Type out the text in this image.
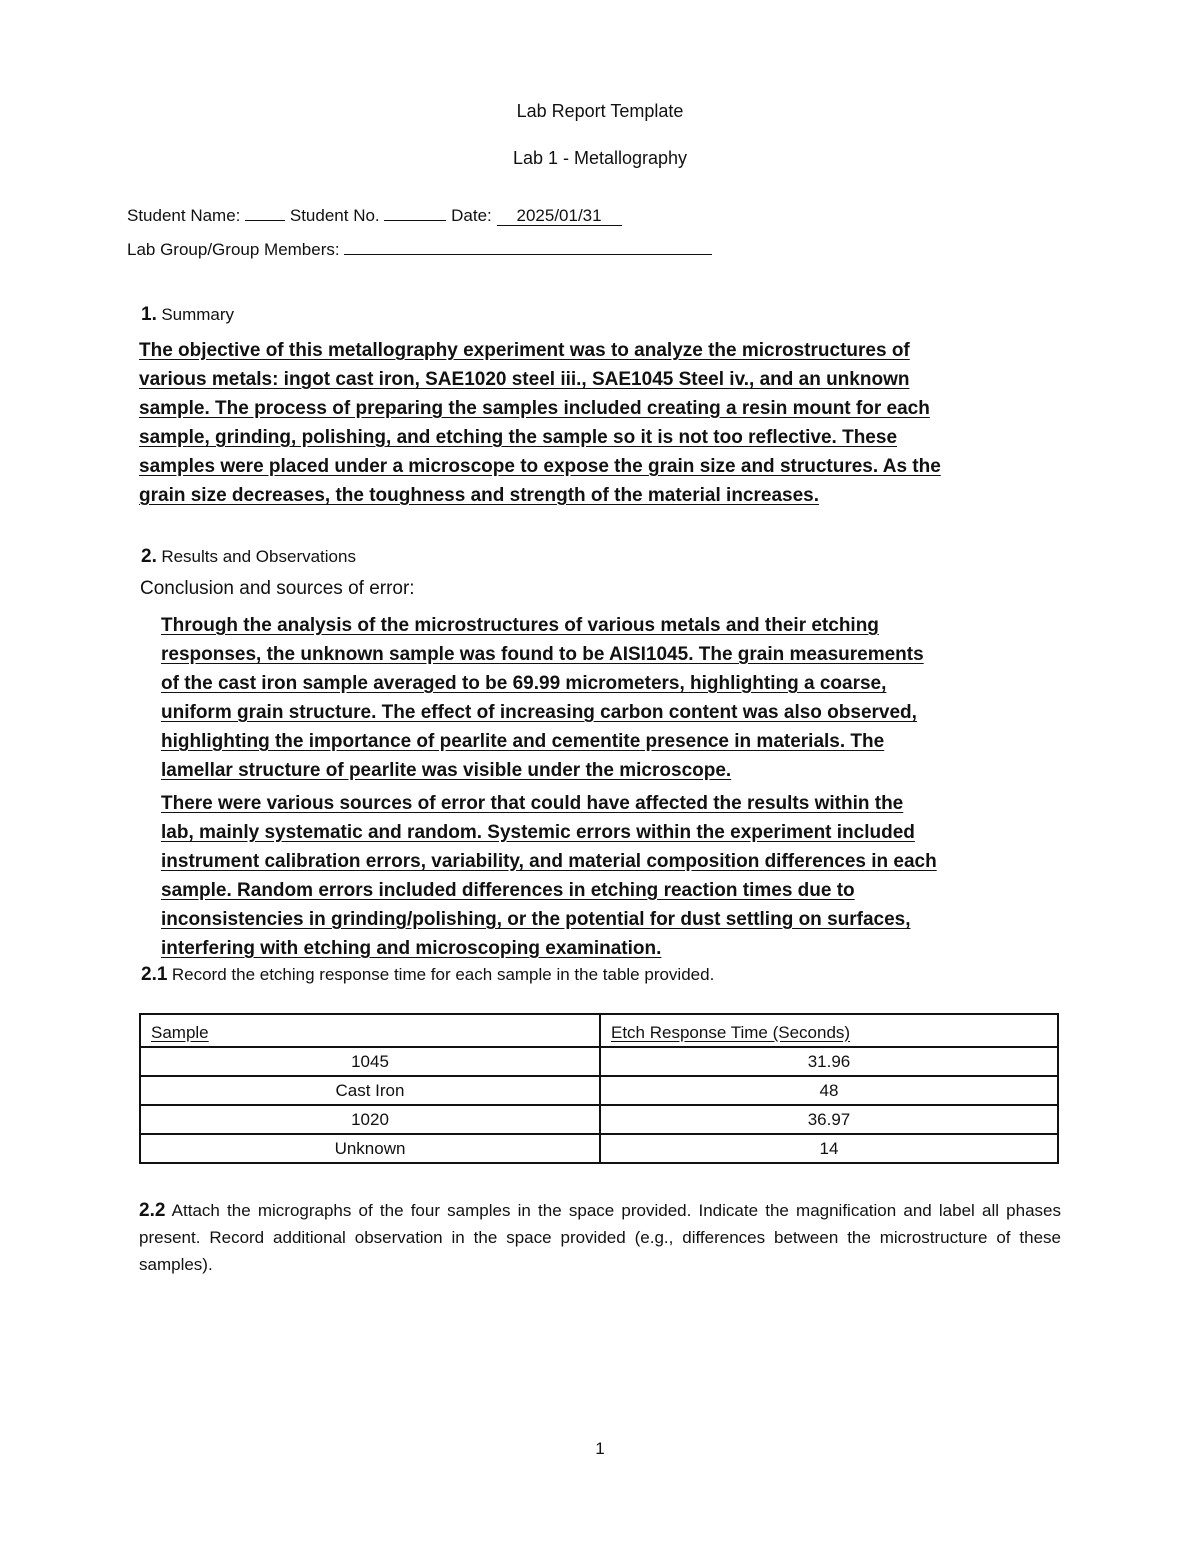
Lab Report Template
Lab 1 - Metallography
Student Name:	Student No.	Date: 2025/01/31
Lab Group/Group Members:
1. Summary
The objective of this metallography experiment was to analyze the microstructures of
various metals: ingot cast iron, SAE1020 steel iii., SAE1045 Steel iv., and an unknown
sample. The process of preparing the samples included creating a resin mount for each
sample, grinding, polishing, and etching the sample so it is not too reflective. These
samples were placed under a microscope to expose the grain size and structures. As the
grain size decreases, the toughness and strength of the material increases.
2. Results and Observations
Conclusion and sources of error:
Through the analysis of the microstructures of various metals and their etching
responses, the unknown sample was found to be AISI1045. The grain measurements
of the cast iron sample averaged to be 69.99 micrometers, highlighting a coarse,
uniform grain structure. The effect of increasing carbon content was also observed,
highlighting the importance of pearlite and cementite presence in materials. The
lamellar structure of pearlite was visible under the microscope.
There were various sources of error that could have affected the results within the
lab, mainly systematic and random. Systemic errors within the experiment included
instrument calibration errors, variability, and material composition differences in each
sample. Random errors included differences in etching reaction times due to
inconsistencies in grinding/polishing, or the potential for dust settling on surfaces,
interfering with etching and microscoping examination.
2.1 Record the etching response time for each sample in the table provided.
Sample	Etch Response Time (Seconds)
1045	31.96
Cast Iron	48
1020	36.97
Unknown	14
2.2 Attach the micrographs of the four samples in the space provided. Indicate the magnification and label all phases present. Record additional observation in the space provided (e.g., differences between the microstructure of these samples).
1
